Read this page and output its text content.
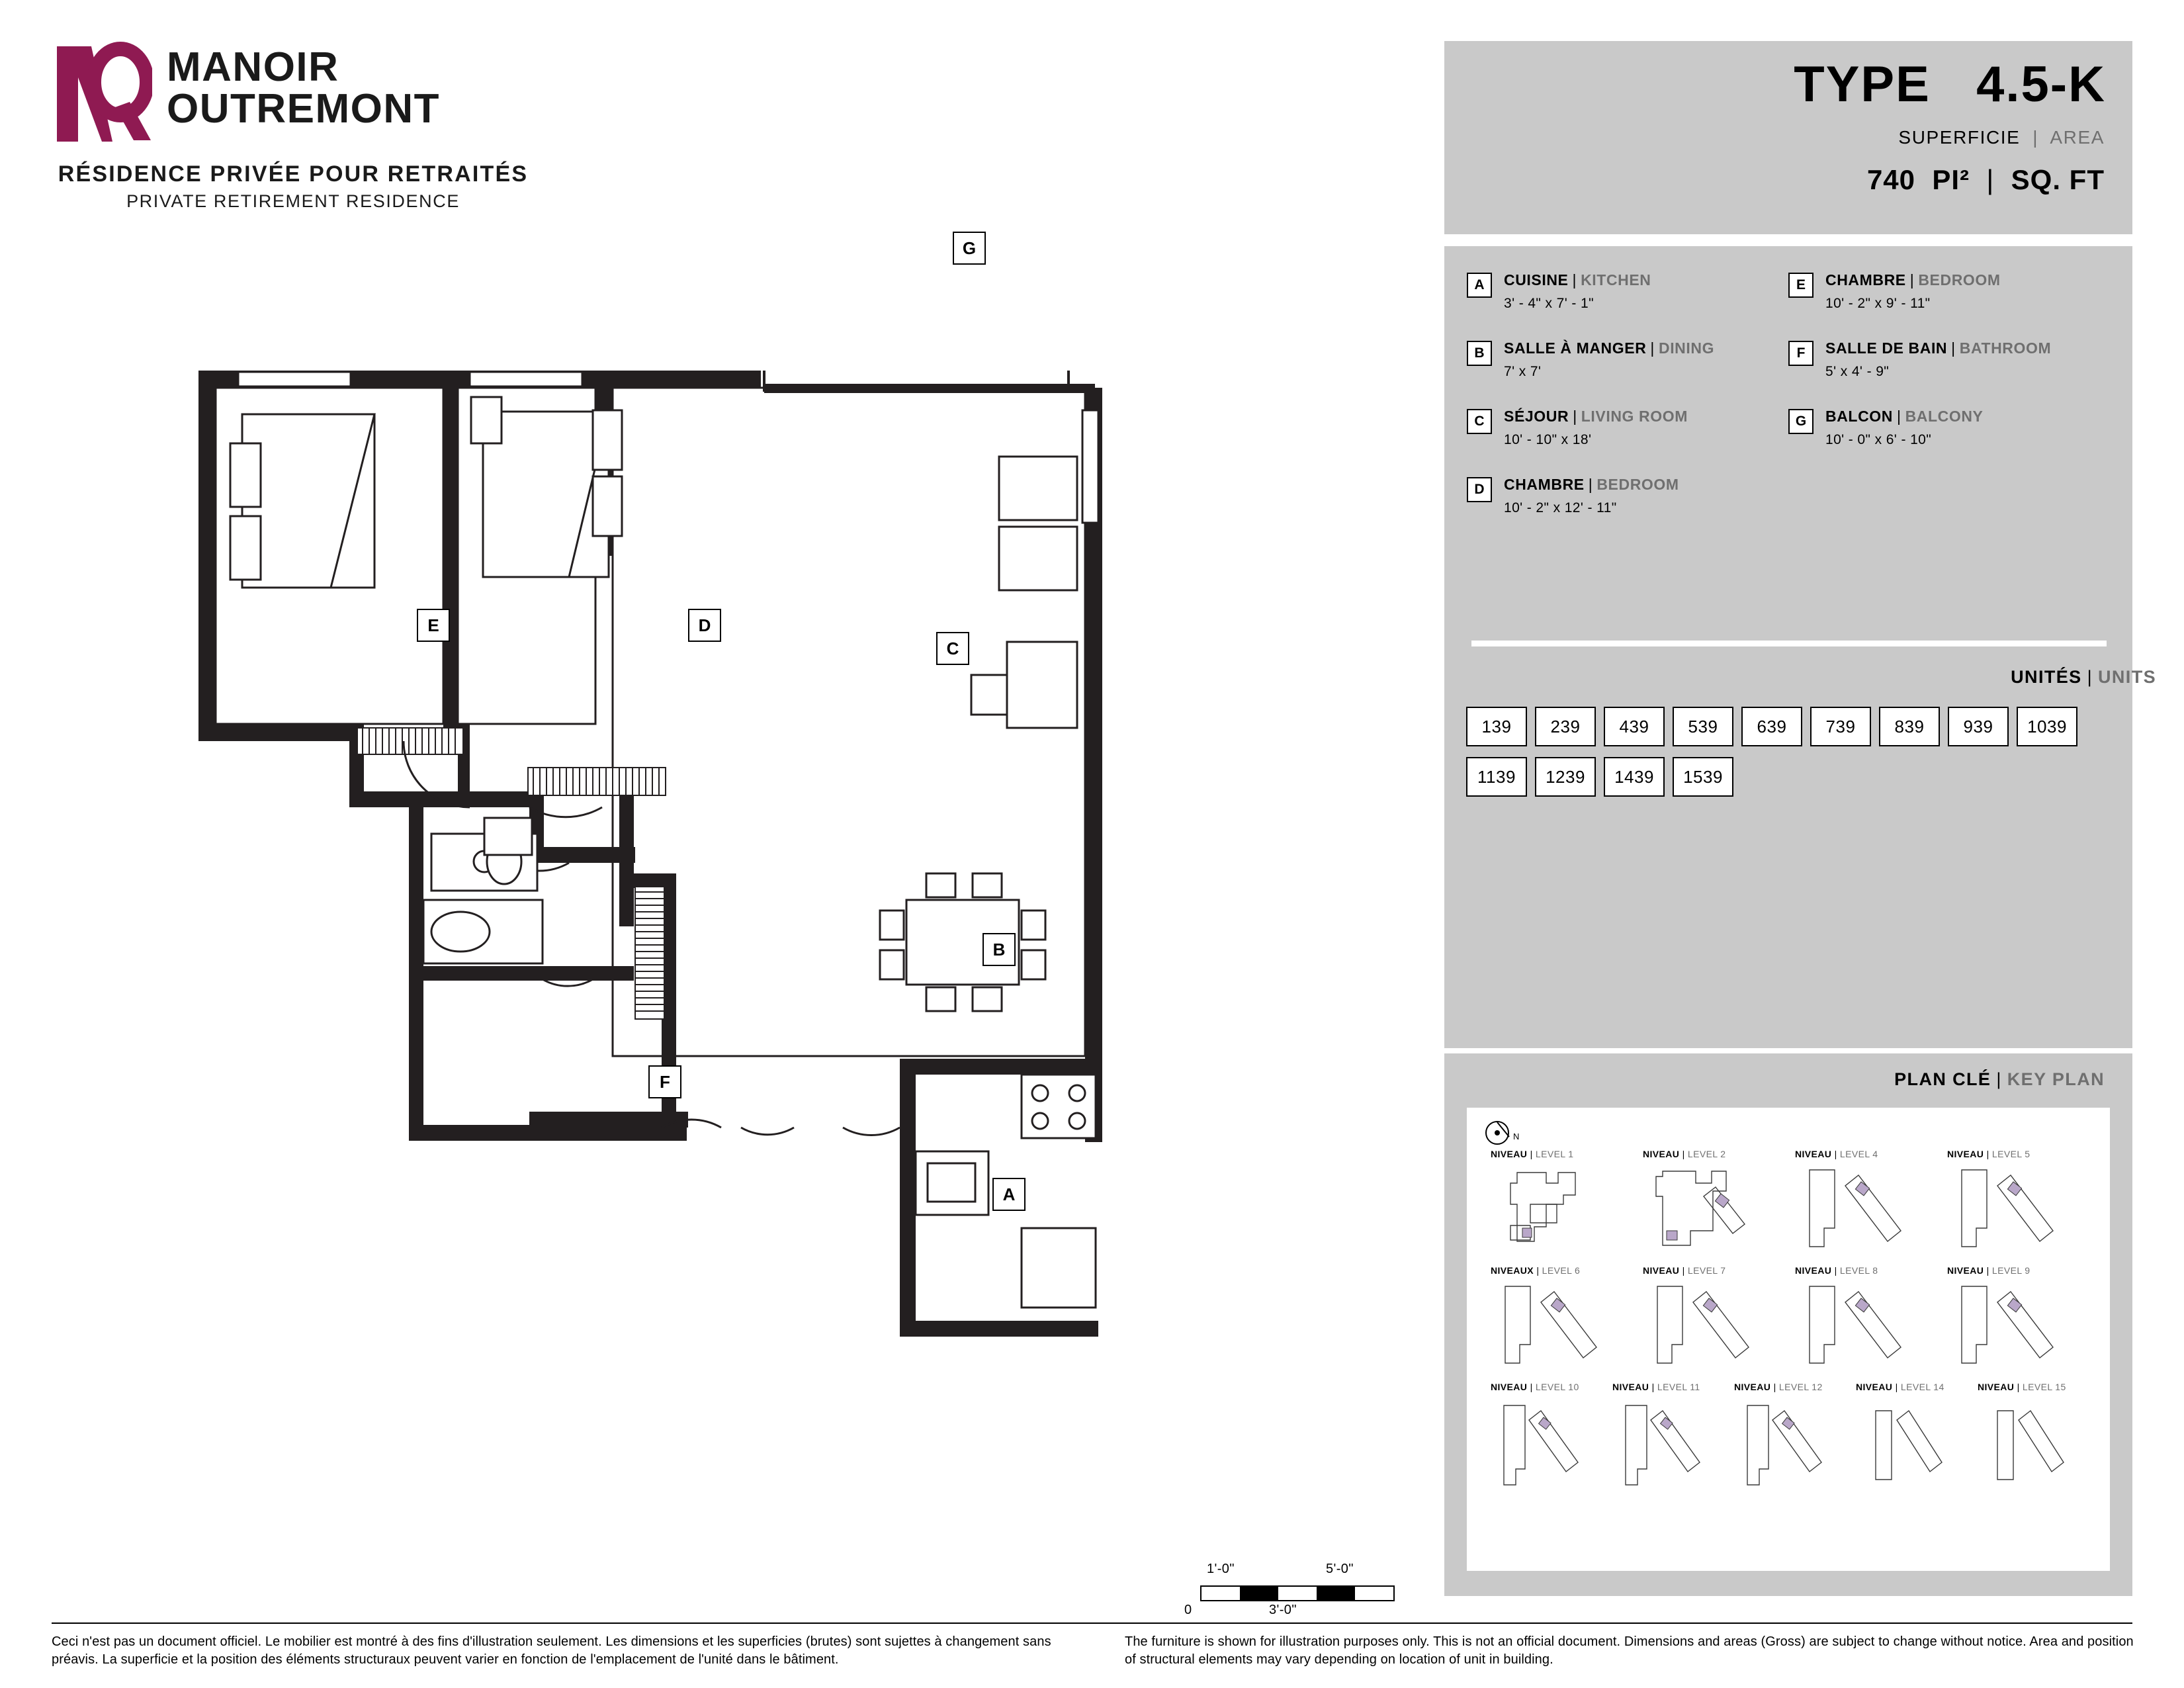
MANOIR
OUTREMONT
RÉSIDENCE PRIVÉE POUR RETRAITÉS
PRIVATE RETIREMENT RESIDENCE
TYPE 4.5-K
SUPERFICIE | AREA
740 PI² | SQ. FT
A	CUISINE | KITCHEN
3' - 4" x 7' - 1"
B	SALLE À MANGER | DINING
7' x 7'
C	SÉJOUR | LIVING ROOM
10' - 10" x 18'
D	CHAMBRE | BEDROOM
10' - 2" x 12' - 11"
E	CHAMBRE | BEDROOM
10' - 2" x 9' - 11"
F	SALLE DE BAIN | BATHROOM
5' x 4' - 9"
G	BALCON | BALCONY
10' - 0" x 6' - 10"
UNITÉS | UNITS
139	239	439	539	639	739	839	939	1039
1139	1239	1439	1539
PLAN CLÉ | KEY PLAN
N
NIVEAU | LEVEL 1	NIVEAU | LEVEL 2	NIVEAU | LEVEL 4	NIVEAU | LEVEL 5
NIVEAUX | LEVEL 6	NIVEAU | LEVEL 7	NIVEAU | LEVEL 8	NIVEAU | LEVEL 9
NIVEAU | LEVEL 10	NIVEAU | LEVEL 11	NIVEAU | LEVEL 12	NIVEAU | LEVEL 14	NIVEAU | LEVEL 15
1'-0"	5'-0"
0	3'-0"
E	D
C
G
B
F
A
Ceci n'est pas un document officiel. Le mobilier est montré à des fins d'illustration seulement. Les dimensions et les superficies (brutes) sont sujettes à changement sans préavis. La superficie et la position des éléments structuraux peuvent varier en fonction de l'emplacement de l'unité dans le bâtiment.
The furniture is shown for illustration purposes only. This is not an official document. Dimensions and areas (Gross) are subject to change without notice. Area and position of structural elements may vary depending on location of unit in building.
